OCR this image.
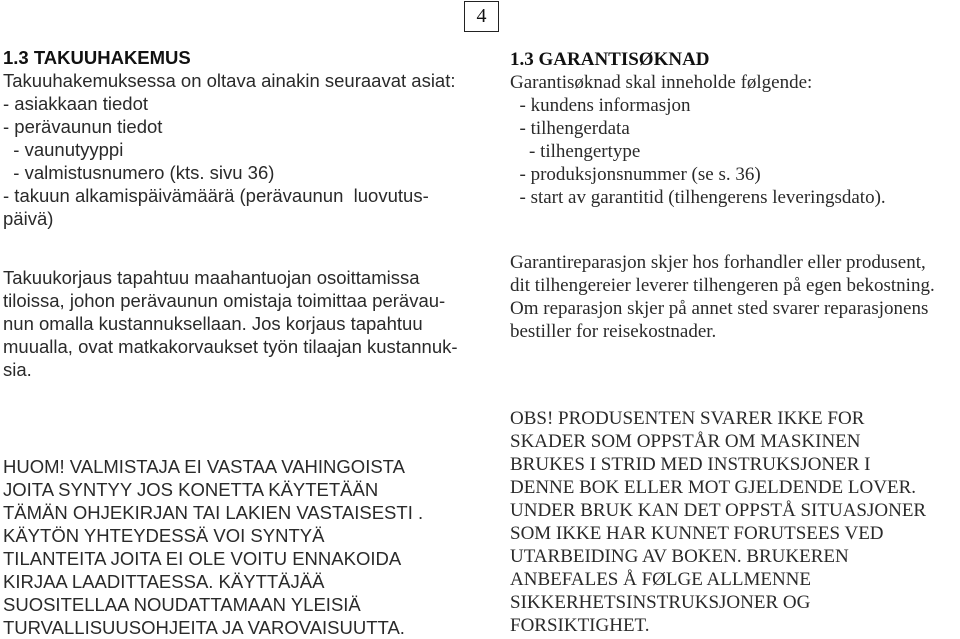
4
1.3 TAKUUHAKEMUS
Takuuhakemuksessa on oltava ainakin seuraavat asiat:
- asiakkaan tiedot
- perävaunun tiedot
- vaunutyyppi
- valmistusnumero (kts. sivu 36)
- takuun alkamispäivämäärä (perävaunun  luovutus-
päivä)
Takuukorjaus tapahtuu maahantuojan osoittamissa
tiloissa, johon perävaunun omistaja toimittaa perävau-
nun omalla kustannuksellaan. Jos korjaus tapahtuu
muualla, ovat matkakorvaukset työn tilaajan kustannuk-
sia.
HUOM! VALMISTAJA EI VASTAA VAHINGOISTA
JOITA SYNTYY JOS KONETTA KÄYTETÄÄN
TÄMÄN OHJEKIRJAN TAI LAKIEN VASTAISESTI .
KÄYTÖN YHTEYDESSÄ VOI SYNTYÄ
TILANTEITA JOITA EI OLE VOITU ENNAKOIDA
KIRJAA LAADITTAESSA. KÄYTTÄJÄÄ
SUOSITELLAA NOUDATTAMAAN YLEISIÄ
TURVALLISUUSOHJEITA JA VAROVAISUUTTA.
1.3 GARANTISØKNAD
Garantisøknad skal inneholde følgende:
- kundens informasjon
- tilhengerdata
- tilhengertype
- produksjonsnummer (se s. 36)
- start av garantitid (tilhengerens leveringsdato).
Garantireparasjon skjer hos forhandler eller produsent,
dit tilhengereier leverer tilhengeren på egen bekostning.
Om reparasjon skjer på annet sted svarer reparasjonens
bestiller for reisekostnader.
OBS! PRODUSENTEN SVARER IKKE FOR
SKADER SOM OPPSTÅR OM MASKINEN
BRUKES I STRID MED INSTRUKSJONER I
DENNE BOK ELLER MOT GJELDENDE LOVER.
UNDER BRUK KAN DET OPPSTÅ SITUASJONER
SOM IKKE HAR KUNNET FORUTSEES VED
UTARBEIDING AV BOKEN. BRUKEREN
ANBEFALES Å FØLGE ALLMENNE
SIKKERHETSINSTRUKSJONER OG
FORSIKTIGHET.
